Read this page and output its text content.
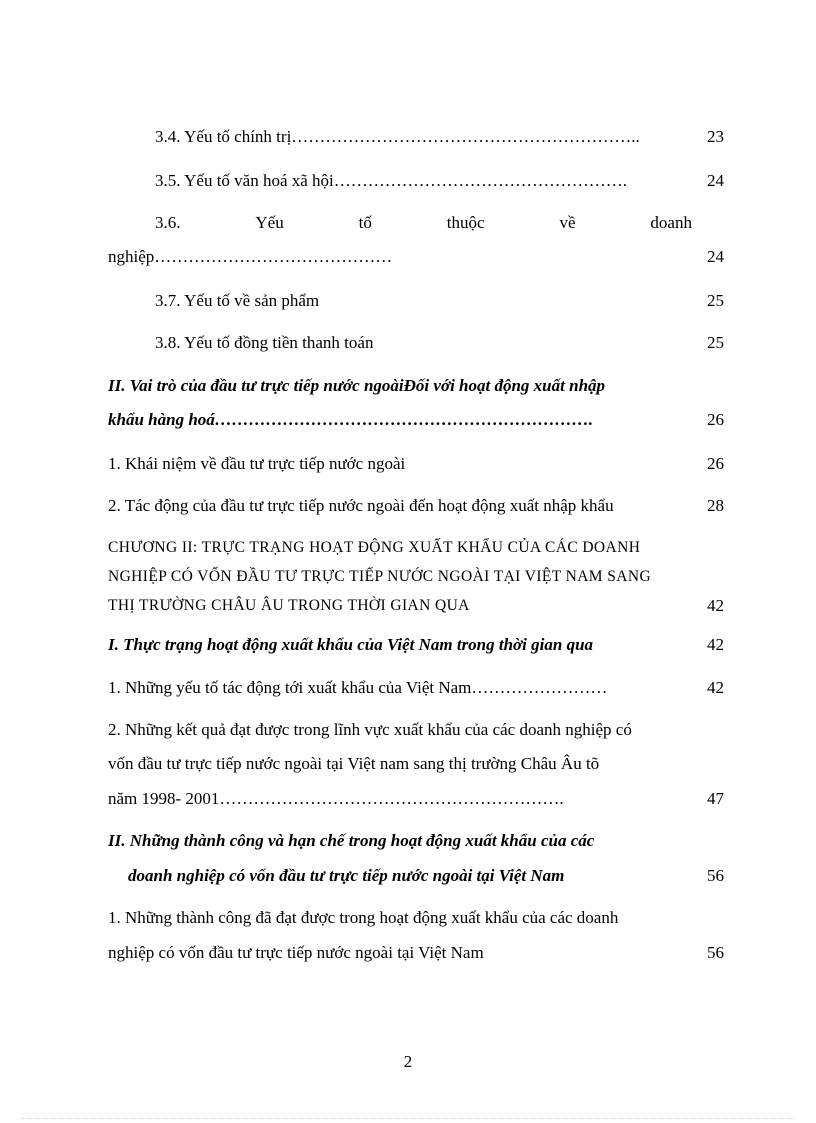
3.4. Yếu tố chính trị……………………………………………………..	23
3.5. Yếu tố văn hoá xã hội…………………………………………….	24
3.6.	Yếu	tố	thuộc	về	doanh
nghiệp……………………………………	24
3.7. Yếu tố về sản phẩm	25
3.8. Yếu tố đồng tiền thanh toán	25
II. Vai trò của đầu tư trực tiếp nước ngoàiĐối với hoạt động xuất nhập
khẩu hàng hoá………………………………………………………….	26
1. Khái niệm về đầu tư trực tiếp nước ngoài	26
2. Tác động của đầu tư trực tiếp nước ngoài đến hoạt động xuất nhập khẩu	28
CHƯƠNG II: TRỰC TRẠNG HOẠT ĐỘNG XUẤT KHẨU CỦA CÁC DOANH
NGHIỆP CÓ VỐN ĐẦU TƯ TRỰC TIẾP NƯỚC NGOÀI TẠI VIỆT NAM SANG
THỊ TRƯỜNG CHÂU ÂU TRONG THỜI GIAN QUA	42
I. Thực trạng hoạt động xuất khẩu của Việt Nam trong thời gian qua	42
1. Những yếu tố tác động tới xuất khẩu của Việt Nam……………………	42
2. Những kết quả đạt được trong lĩnh vực xuất khẩu của các doanh nghiệp có
vốn đầu tư trực tiếp nước ngoài tại Việt nam sang thị trường Châu Âu tõ
năm 1998- 2001…………………………………………………….	47
II. Những thành công và hạn chế trong hoạt động xuất khẩu của các
doanh nghiệp có vốn đầu tư trực tiếp nước ngoài tại Việt Nam	56
1. Những thành công đã đạt được trong hoạt động xuất khẩu của các doanh
nghiệp có vốn đầu tư trực tiếp nước ngoài tại Việt Nam	56
2
